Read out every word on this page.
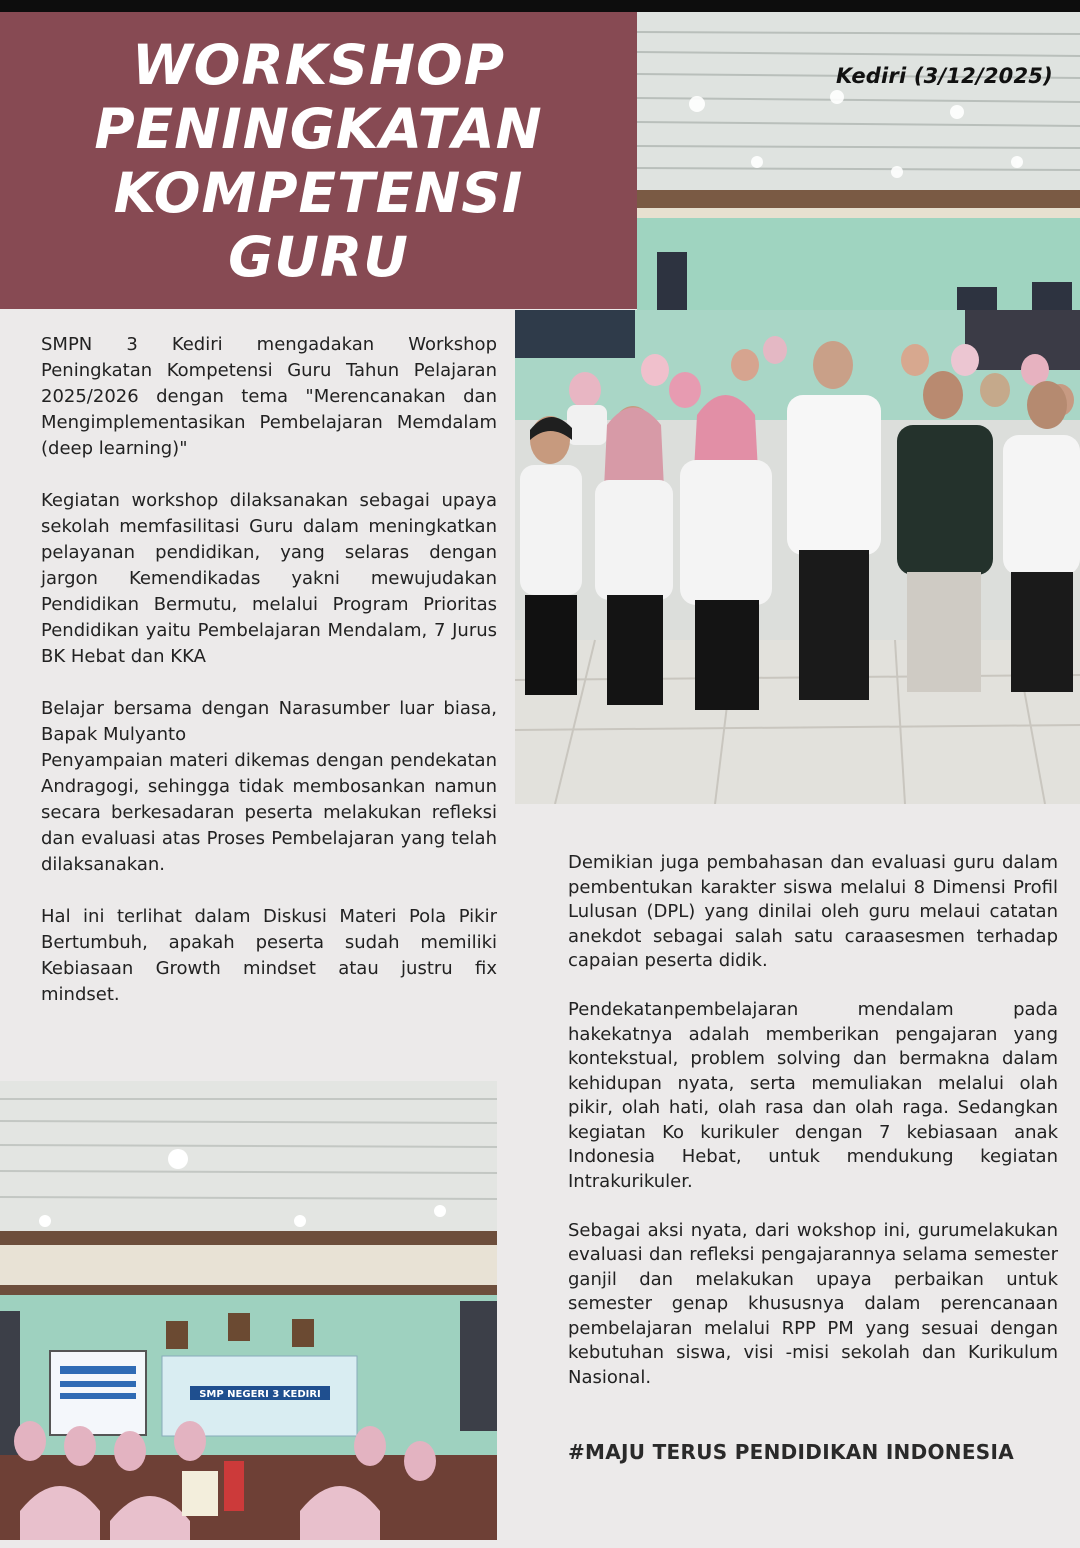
WORKSHOP
PENINGKATAN
KOMPETENSI
GURU
Kediri (3/12/2025)

SMPN 3 Kediri mengadakan Workshop Peningkatan Kompetensi Guru Tahun Pelajaran 2025/2026 dengan tema "Merencanakan dan Mengimplementasikan Pembelajaran Memdalam (deep learning)"

Kegiatan workshop dilaksanakan sebagai upaya sekolah memfasilitasi Guru dalam meningkatkan pelayanan pendidikan, yang selaras dengan jargon Kemendikadas yakni mewujudakan Pendidikan Bermutu, melalui Program Prioritas Pendidikan yaitu Pembelajaran Mendalam, 7 Jurus BK Hebat dan KKA

Belajar bersama dengan Narasumber luar biasa, Bapak Mulyanto

Penyampaian materi dikemas dengan pendekatan Andragogi, sehingga tidak membosankan namun secara berkesadaran peserta melakukan refleksi dan evaluasi atas Proses Pembelajaran yang telah dilaksanakan.

Hal ini terlihat dalam Diskusi Materi Pola Pikir Bertumbuh, apakah peserta sudah memiliki Kebiasaan Growth mindset atau justru fix mindset.

SMP NEGERI 3 KEDIRI

Demikian juga pembahasan dan evaluasi guru dalam pembentukan karakter siswa melalui 8 Dimensi Profil Lulusan (DPL) yang dinilai oleh guru melaui catatan anekdot sebagai salah satu caraasesmen terhadap capaian peserta didik.

Pendekatanpembelajaran mendalam pada hakekatnya adalah memberikan pengajaran yang kontekstual, problem solving dan bermakna dalam kehidupan nyata, serta memuliakan melalui olah pikir, olah hati, olah rasa dan olah raga. Sedangkan kegiatan Ko kurikuler dengan 7 kebiasaan anak Indonesia Hebat, untuk mendukung kegiatan Intrakurikuler.

Sebagai aksi nyata, dari wokshop ini, gurumelakukan evaluasi dan refleksi pengajarannya selama semester ganjil dan melakukan upaya perbaikan untuk semester genap khususnya dalam perencanaan pembelajaran melalui RPP PM yang sesuai dengan kebutuhan siswa, visi -misi sekolah dan Kurikulum Nasional.

#MAJU TERUS PENDIDIKAN INDONESIA
